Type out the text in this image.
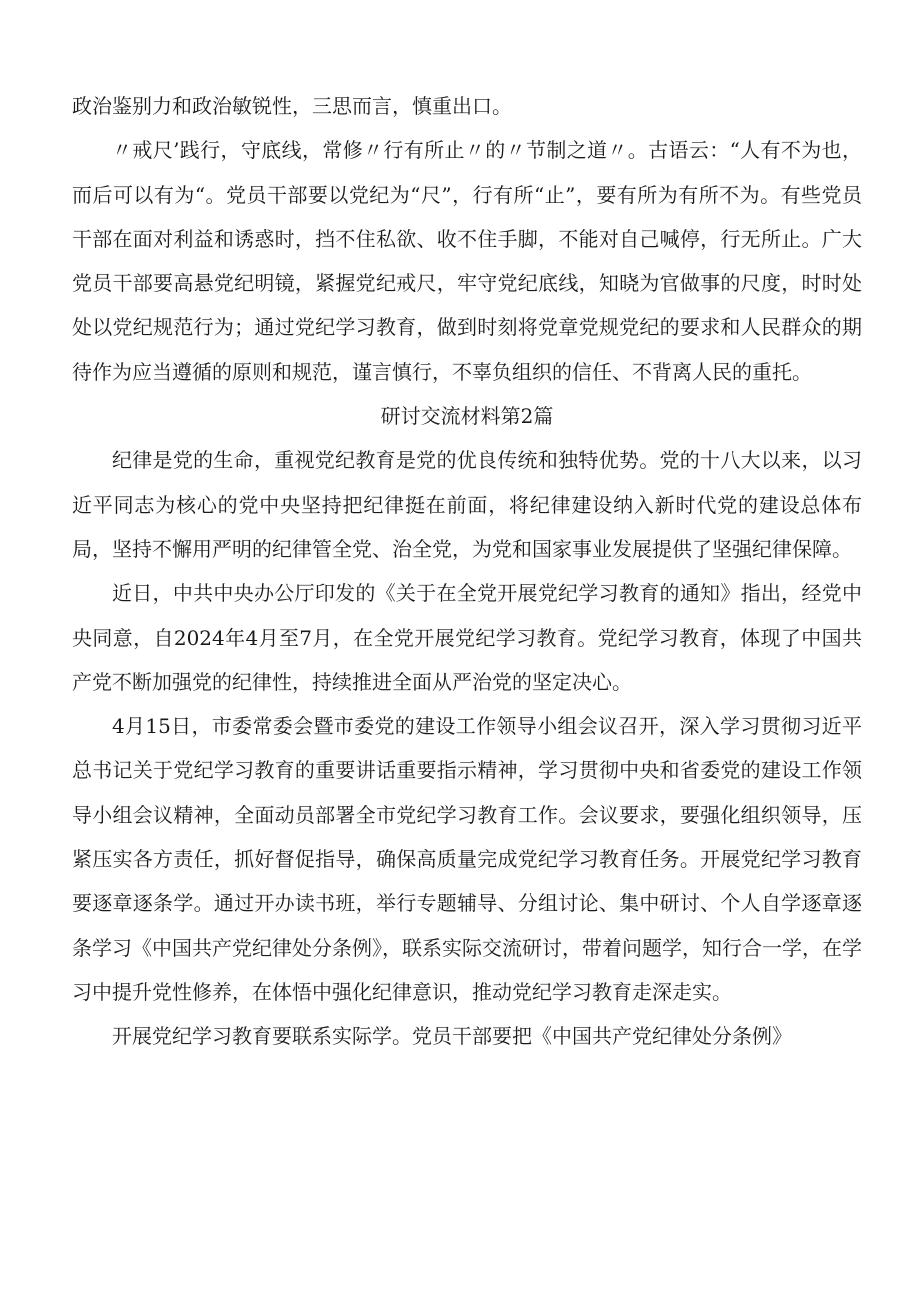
政治鉴别力和政治敏锐性，三思而言，慎重出口。

〃戒尺’践行，守底线，常修〃行有所止〃的〃节制之道〃。古语云：“人有不为也，而后可以有为“。党员干部要以党纪为“尺”，行有所“止”，要有所为有所不为。有些党员干部在面对利益和诱惑时，挡不住私欲、收不住手脚，不能对自己喊停，行无所止。广大党员干部要高悬党纪明镜，紧握党纪戒尺，牢守党纪底线，知晓为官做事的尺度，时时处处以党纪规范行为；通过党纪学习教育，做到时刻将党章党规党纪的要求和人民群众的期待作为应当遵循的原则和规范，谨言慎行，不辜负组织的信任、不背离人民的重托。

研讨交流材料第2篇

纪律是党的生命，重视党纪教育是党的优良传统和独特优势。党的十八大以来，以习近平同志为核心的党中央坚持把纪律挺在前面，将纪律建设纳入新时代党的建设总体布局，坚持不懈用严明的纪律管全党、治全党，为党和国家事业发展提供了坚强纪律保障。

近日，中共中央办公厅印发的《关于在全党开展党纪学习教育的通知》指出，经党中央同意，自2024年4月至7月，在全党开展党纪学习教育。党纪学习教育，体现了中国共产党不断加强党的纪律性，持续推进全面从严治党的坚定决心。

4月15日，市委常委会暨市委党的建设工作领导小组会议召开，深入学习贯彻习近平总书记关于党纪学习教育的重要讲话重要指示精神，学习贯彻中央和省委党的建设工作领导小组会议精神，全面动员部署全市党纪学习教育工作。会议要求，要强化组织领导，压紧压实各方责任，抓好督促指导，确保高质量完成党纪学习教育任务。开展党纪学习教育要逐章逐条学。通过开办读书班，举行专题辅导、分组讨论、集中研讨、个人自学逐章逐条学习《中国共产党纪律处分条例》，联系实际交流研讨，带着问题学，知行合一学，在学习中提升党性修养，在体悟中强化纪律意识，推动党纪学习教育走深走实。

开展党纪学习教育要联系实际学。党员干部要把《中国共产党纪律处分条例》
